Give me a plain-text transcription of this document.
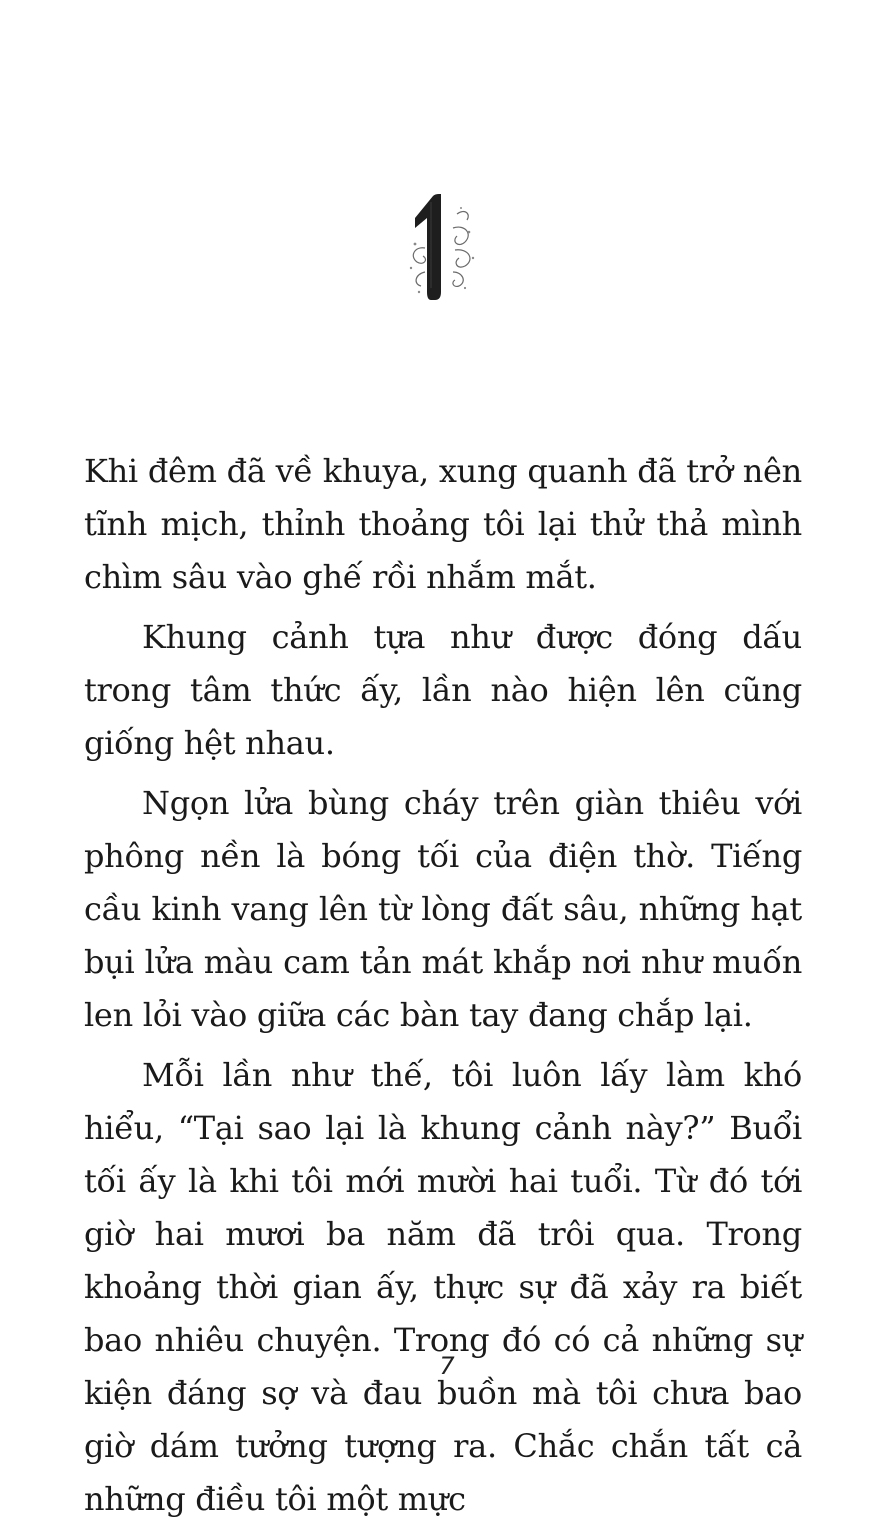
Khi đêm đã về khuya, xung quanh đã trở nên tĩnh mịch, thỉnh thoảng tôi lại thử thả mình chìm sâu vào ghế rồi nhắm mắt.

Khung cảnh tựa như được đóng dấu trong tâm thức ấy, lần nào hiện lên cũng giống hệt nhau.

Ngọn lửa bùng cháy trên giàn thiêu với phông nền là bóng tối của điện thờ. Tiếng cầu kinh vang lên từ lòng đất sâu, những hạt bụi lửa màu cam tản mát khắp nơi như muốn len lỏi vào giữa các bàn tay đang chắp lại.

Mỗi lần như thế, tôi luôn lấy làm khó hiểu, “Tại sao lại là khung cảnh này?” Buổi tối ấy là khi tôi mới mười hai tuổi. Từ đó tới giờ hai mươi ba năm đã trôi qua. Trong khoảng thời gian ấy, thực sự đã xảy ra biết bao nhiêu chuyện. Trong đó có cả những sự kiện đáng sợ và đau buồn mà tôi chưa bao giờ dám tưởng tượng ra. Chắc chắn tất cả những điều tôi một mực

7
